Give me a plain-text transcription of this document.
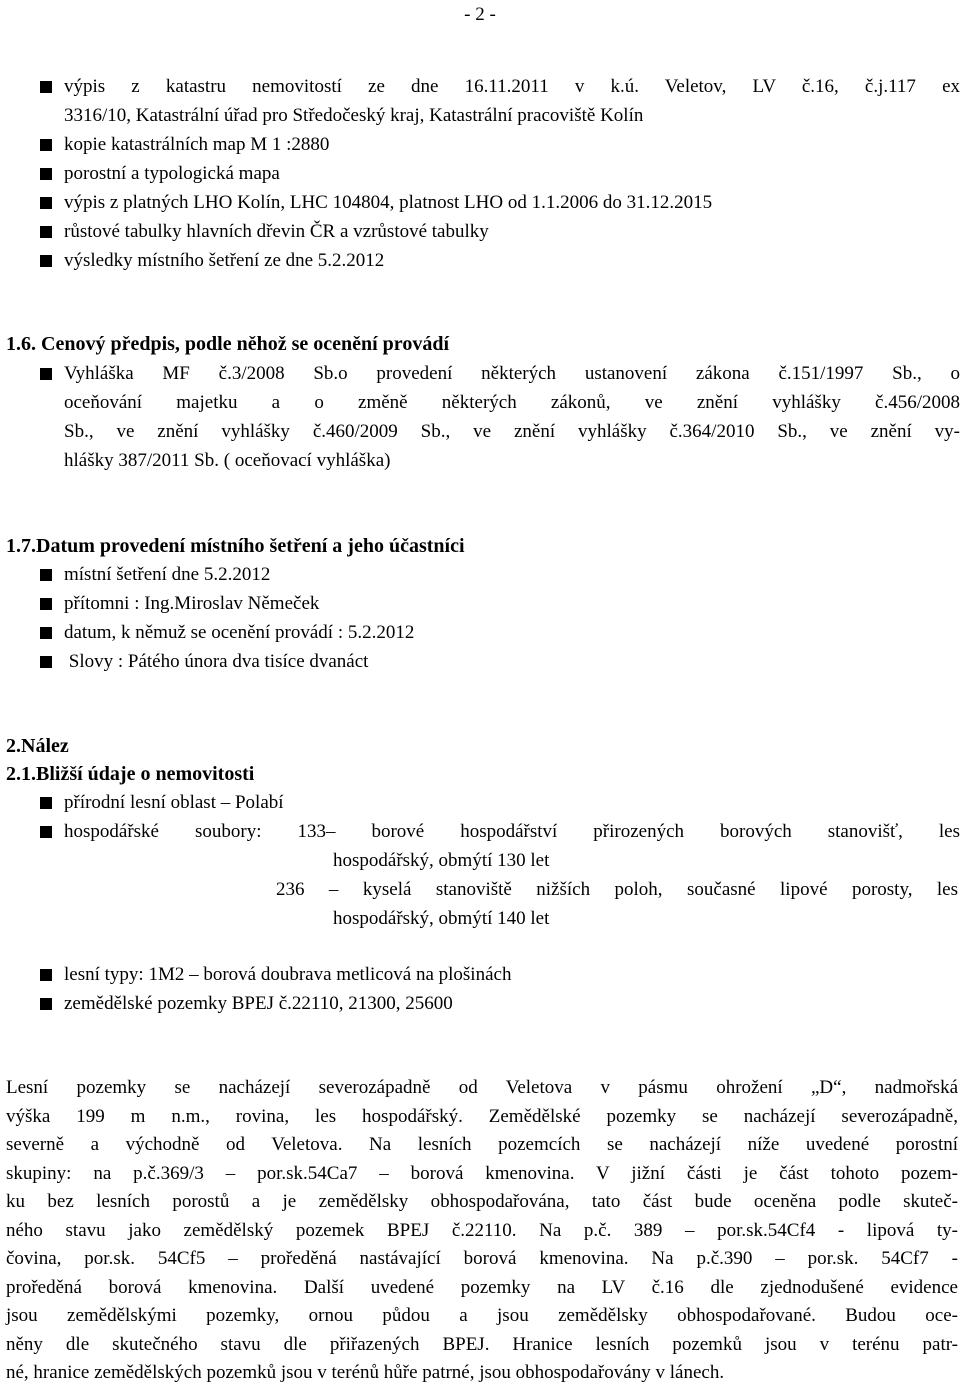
- 2 -
výpis z katastru nemovitostí ze dne 16.11.2011 v k.ú. Veletov, LV č.16, č.j.117 ex
3316/10, Katastrální úřad pro Středočeský kraj, Katastrální pracoviště Kolín
kopie katastrálních map M 1 :2880
porostní a typologická mapa
výpis z platných LHO Kolín, LHC 104804, platnost LHO od 1.1.2006 do 31.12.2015
růstové tabulky hlavních dřevin ČR a vzrůstové tabulky
výsledky místního šetření ze dne 5.2.2012
1.6. Cenový předpis, podle něhož se ocenění provádí
Vyhláška MF č.3/2008 Sb.o provedení některých ustanovení zákona č.151/1997 Sb., o
oceňování majetku a o změně některých zákonů, ve znění vyhlášky č.456/2008
Sb., ve znění vyhlášky č.460/2009 Sb., ve znění vyhlášky č.364/2010 Sb., ve znění vy-
hlášky 387/2011 Sb. ( oceňovací vyhláška)
1.7.Datum provedení místního šetření a jeho účastníci
místní šetření dne 5.2.2012
přítomni : Ing.Miroslav Němeček
datum, k němuž se ocenění provádí : 5.2.2012
Slovy : Pátého února dva tisíce dvanáct
2.Nález
2.1.Bližší údaje o nemovitosti
přírodní lesní oblast – Polabí
hospodářské soubory: 133– borové hospodářství přirozených borových stanovišť, les
hospodářský, obmýtí 130 let
236 – kyselá stanoviště nižších poloh, současné lipové porosty, les
hospodářský, obmýtí 140 let
lesní typy: 1M2 – borová doubrava metlicová na plošinách
zemědělské pozemky BPEJ č.22110, 21300, 25600
Lesní pozemky se nacházejí severozápadně od Veletova v pásmu ohrožení „D“, nadmořská
výška 199 m n.m., rovina, les hospodářský. Zemědělské pozemky se nacházejí severozápadně,
severně a východně od Veletova. Na lesních pozemcích se nacházejí níže uvedené porostní
skupiny: na p.č.369/3 – por.sk.54Ca7 – borová kmenovina. V jižní části je část tohoto pozem-
ku bez lesních porostů a je zemědělsky obhospodařována, tato část bude oceněna podle skuteč-
ného stavu jako zemědělský pozemek BPEJ č.22110. Na p.č. 389 – por.sk.54Cf4 - lipová ty-
čovina, por.sk. 54Cf5 – proředěná nastávající borová kmenovina. Na p.č.390 – por.sk. 54Cf7 -
proředěná borová kmenovina. Další uvedené pozemky na LV č.16 dle zjednodušené evidence
jsou zemědělskými pozemky, ornou půdou a jsou zemědělsky obhospodařované. Budou oce-
něny dle skutečného stavu dle přiřazených BPEJ. Hranice lesních pozemků jsou v terénu patr-
né, hranice zemědělských pozemků jsou v terénů hůře patrné, jsou obhospodařovány v lánech.
